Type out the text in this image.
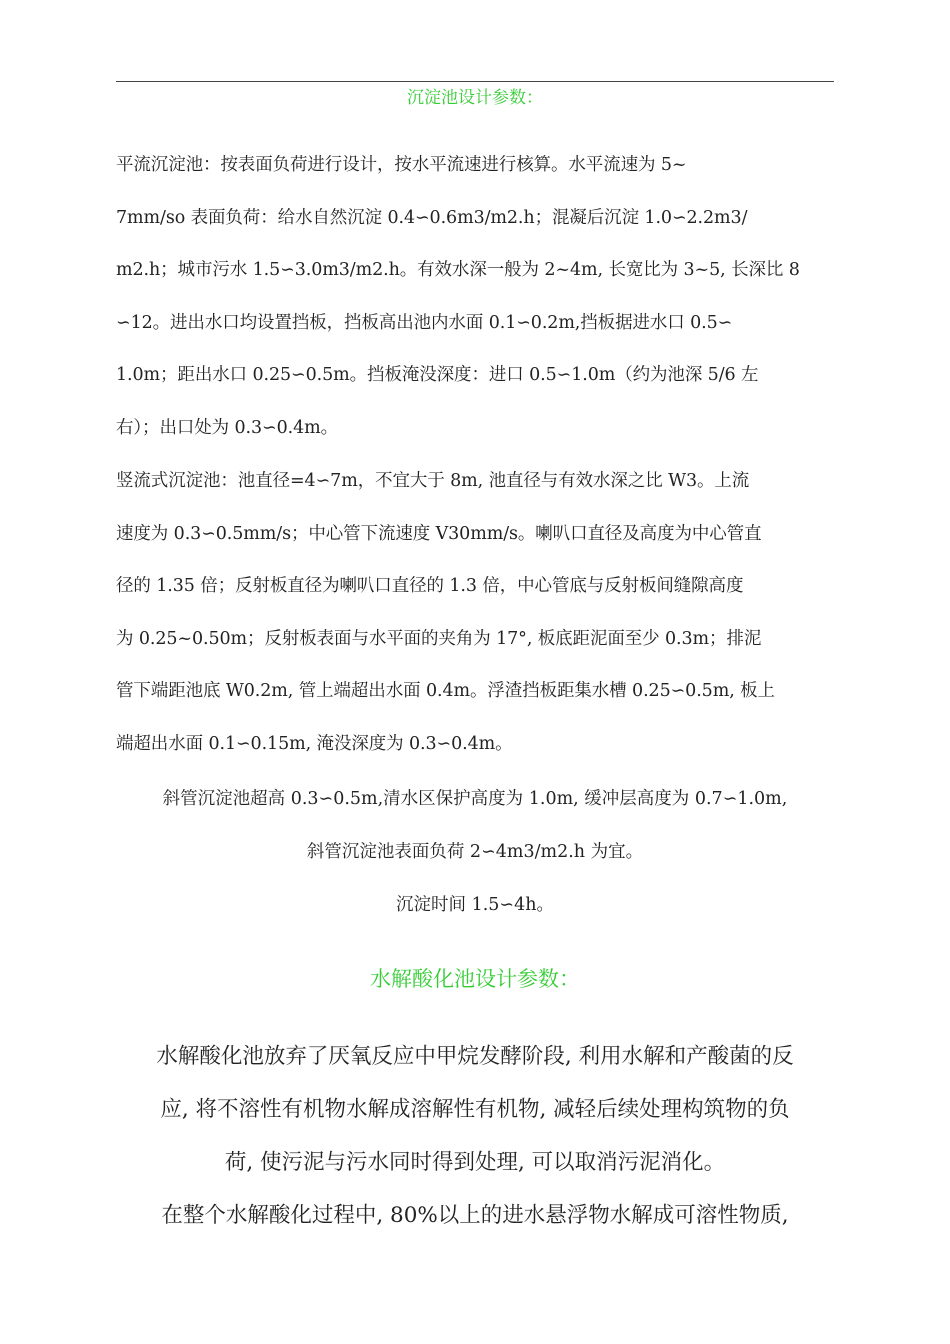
沉淀池设计参数：
平流沉淀池：按表面负荷进行设计，按水平流速进行核算。水平流速为 5~
7mm/so 表面负荷：给水自然沉淀 0.4∽0.6m3/m2.h；混凝后沉淀 1.0∽2.2m3/
m2.h；城市污水 1.5∽3.0m3/m2.h。有效水深一般为 2~4m, 长宽比为 3~5, 长深比 8
∽12。进出水口均设置挡板，挡板高出池内水面 0.1∽0.2m,挡板据进水口 0.5∽
1.0m；距出水口 0.25∽0.5m。挡板淹没深度：进口 0.5∽1.0m（约为池深 5/6 左
右）；出口处为 0.3∽0.4m。
竖流式沉淀池：池直径=4∽7m，不宜大于 8m, 池直径与有效水深之比 W3。上流
速度为 0.3∽0.5mm/s；中心管下流速度 V30mm/s。喇叭口直径及高度为中心管直
径的 1.35 倍；反射板直径为喇叭口直径的 1.3 倍，中心管底与反射板间缝隙高度
为 0.25~0.50m；反射板表面与水平面的夹角为 17°, 板底距泥面至少 0.3m；排泥
管下端距池底 W0.2m, 管上端超出水面 0.4m。浮渣挡板距集水槽 0.25∽0.5m, 板上
端超出水面 0.1∽0.15m, 淹没深度为 0.3∽0.4m。
斜管沉淀池超高 0.3∽0.5m,清水区保护高度为 1.0m, 缓冲层高度为 0.7∽1.0m,
斜管沉淀池表面负荷 2∽4m3/m2.h 为宜。
沉淀时间 1.5∽4h。
水解酸化池设计参数：
水解酸化池放弃了厌氧反应中甲烷发酵阶段, 利用水解和产酸菌的反
应, 将不溶性有机物水解成溶解性有机物, 减轻后续处理构筑物的负
荷, 使污泥与污水同时得到处理, 可以取消污泥消化。
在整个水解酸化过程中, 80%以上的进水悬浮物水解成可溶性物质,
